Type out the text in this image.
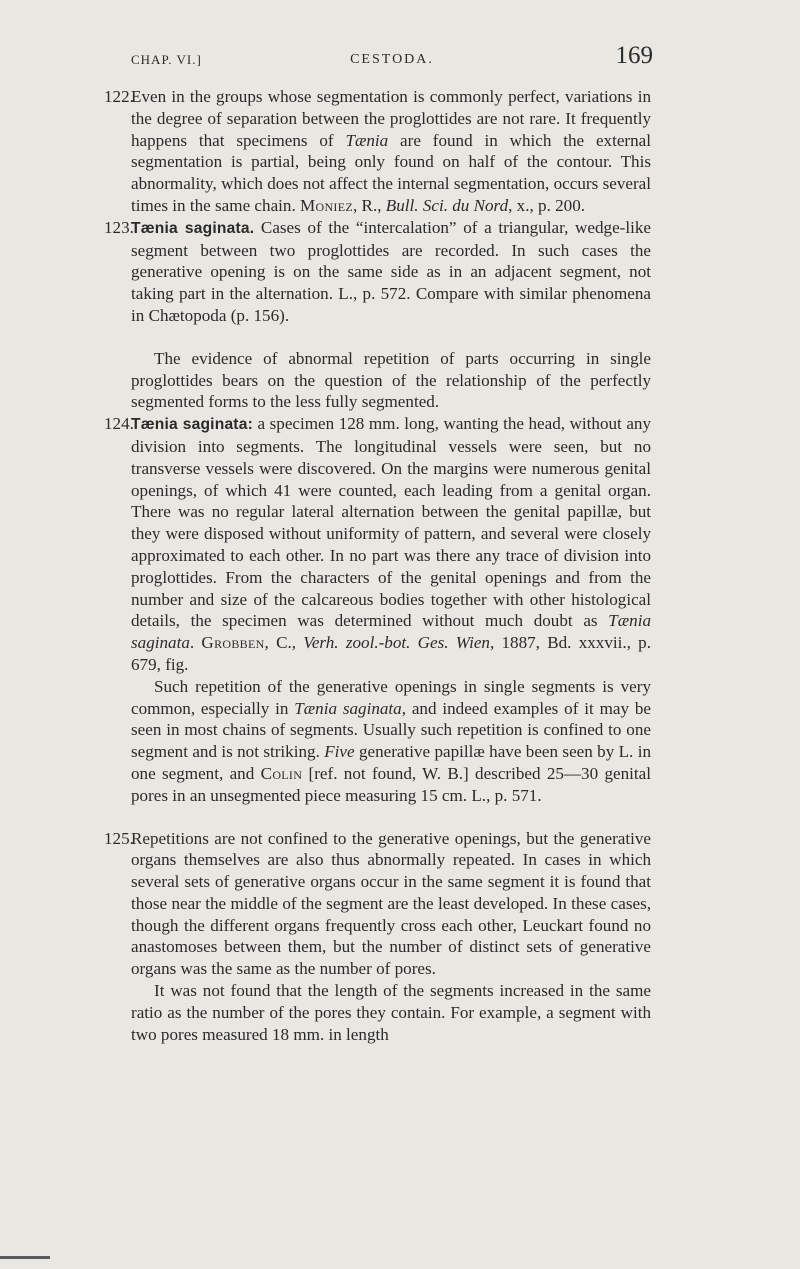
CHAP. VI.]	CESTODA.	169

122.
Even in the groups whose segmentation is commonly perfect, variations in the degree of separation between the proglottides are not rare. It frequently happens that specimens of Tænia are found in which the external segmentation is partial, being only found on half of the contour. This abnormality, which does not affect the internal segmentation, occurs several times in the same chain. Moniez, R., Bull. Sci. du Nord, x., p. 200.

123.
Tænia saginata. Cases of the “intercalation” of a triangular, wedge-like segment between two proglottides are recorded. In such cases the generative opening is on the same side as in an adjacent segment, not taking part in the alternation. L., p. 572. Compare with similar phenomena in Chætopoda (p. 156).

The evidence of abnormal repetition of parts occurring in single proglottides bears on the question of the relationship of the perfectly segmented forms to the less fully segmented.

124.
Tænia saginata: a specimen 128 mm. long, wanting the head, without any division into segments. The longitudinal vessels were seen, but no transverse vessels were discovered. On the margins were numerous genital openings, of which 41 were counted, each leading from a genital organ. There was no regular lateral alternation between the genital papillæ, but they were disposed without uniformity of pattern, and several were closely approximated to each other. In no part was there any trace of division into proglottides. From the characters of the genital openings and from the number and size of the calcareous bodies together with other histological details, the specimen was determined without much doubt as Tænia saginata. Grobben, C., Verh. zool.-bot. Ges. Wien, 1887, Bd. xxxvii., p. 679, fig.

Such repetition of the generative openings in single segments is very common, especially in Tænia saginata, and indeed examples of it may be seen in most chains of segments. Usually such repetition is confined to one segment and is not striking. Five generative papillæ have been seen by L. in one segment, and Colin [ref. not found, W. B.] described 25—30 genital pores in an unsegmented piece measuring 15 cm. L., p. 571.

125.
Repetitions are not confined to the generative openings, but the generative organs themselves are also thus abnormally repeated. In cases in which several sets of generative organs occur in the same segment it is found that those near the middle of the segment are the least developed. In these cases, though the different organs frequently cross each other, Leuckart found no anastomoses between them, but the number of distinct sets of generative organs was the same as the number of pores.

It was not found that the length of the segments increased in the same ratio as the number of the pores they contain. For example, a segment with two pores measured 18 mm. in length
